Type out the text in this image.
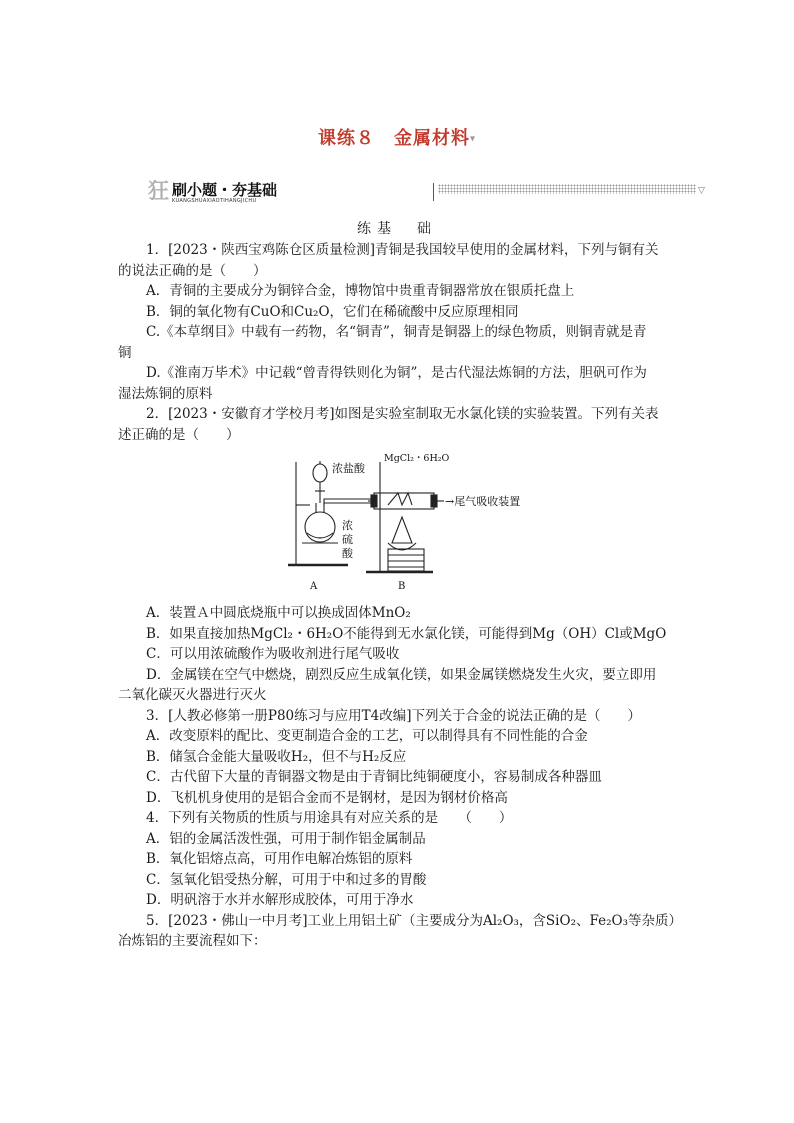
课练８　金属材料▾
狂 刷小题・夯基础
KUANGSHUAXIAOTIHANGJICHU
▽
练基　础

1．[2023・陕西宝鸡陈仓区质量检测]青铜是我国较早使用的金属材料，下列与铜有关

的说法正确的是（　　）

A．青铜的主要成分为铜锌合金，博物馆中贵重青铜器常放在银质托盘上

B．铜的氧化物有CuO和Cu₂O，它们在稀硫酸中反应原理相同

C.《本草纲目》中载有一药物，名“铜青”，铜青是铜器上的绿色物质，则铜青就是青

铜

D.《淮南万毕术》中记载“曾青得铁则化为铜”，是古代湿法炼铜的方法，胆矾可作为

湿法炼铜的原料

2．[2023・安徽育才学校月考]如图是实验室制取无水氯化镁的实验装置。下列有关表

述正确的是（　　）

浓盐酸
MgCl₂・6H₂O
→尾气吸收装置
浓
硫
酸
A	B

A．装置Ａ中圆底烧瓶中可以换成固体MnO₂

B．如果直接加热MgCl₂・6H₂O不能得到无水氯化镁，可能得到Mg（OH）Cl或MgO

C．可以用浓硫酸作为吸收剂进行尾气吸收

D．金属镁在空气中燃烧，剧烈反应生成氧化镁，如果金属镁燃烧发生火灾，要立即用

二氧化碳灭火器进行灭火

3．[人教必修第一册P80练习与应用T4改编]下列关于合金的说法正确的是（　　）

A．改变原料的配比、变更制造合金的工艺，可以制得具有不同性能的合金

B．储氢合金能大量吸收H₂，但不与H₂反应

C．古代留下大量的青铜器文物是由于青铜比纯铜硬度小，容易制成各种器皿

D．飞机机身使用的是铝合金而不是钢材，是因为钢材价格高

4．下列有关物质的性质与用途具有对应关系的是　　（　　）

A．铝的金属活泼性强，可用于制作铝金属制品

B．氧化铝熔点高，可用作电解冶炼铝的原料

C．氢氧化铝受热分解，可用于中和过多的胃酸

D．明矾溶于水并水解形成胶体，可用于净水

5．[2023・佛山一中月考]工业上用铝土矿（主要成分为Al₂O₃，含SiO₂、Fe₂O₃等杂质）

冶炼铝的主要流程如下：
